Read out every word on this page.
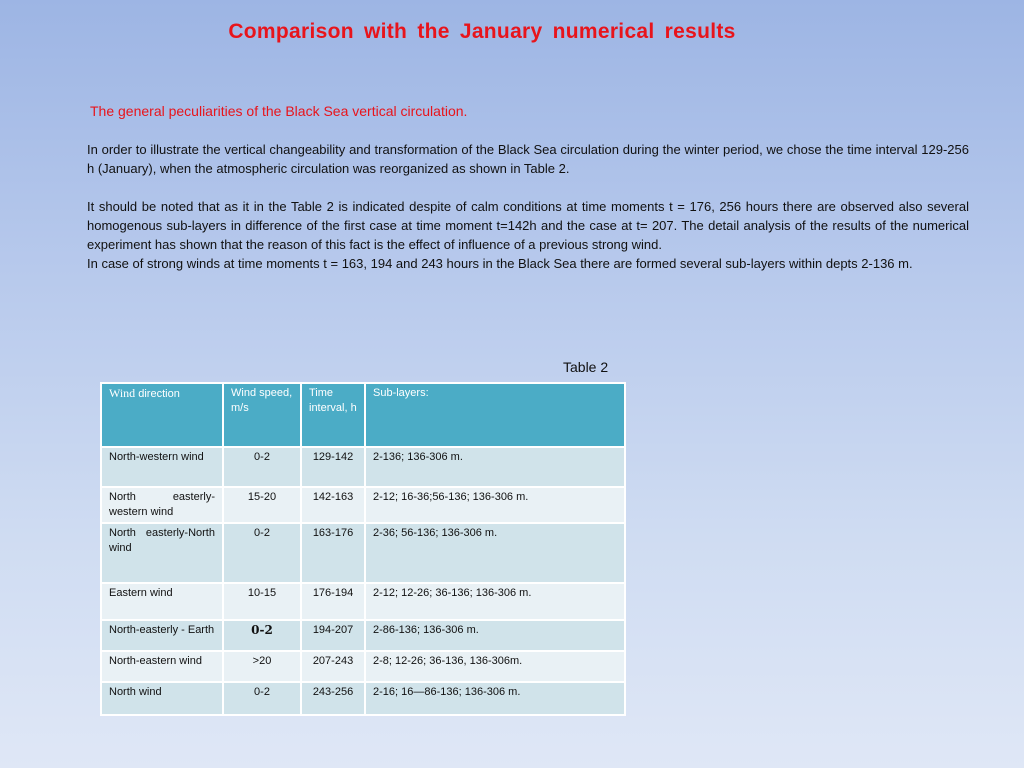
Comparison with the January numerical results
The general peculiarities of the Black Sea vertical circulation.

In order to illustrate the vertical changeability and transformation of the Black Sea circulation during the winter period, we chose the time interval 129-256 h (January), when the atmospheric circulation was reorganized as shown in Table 2.

It should be noted that as it in the Table 2 is indicated despite of calm conditions at time moments t = 176, 256 hours there are observed also several homogenous sub-layers in difference of the first case at time moment t=142h and the case at t= 207. The detail analysis of the results of the numerical experiment has shown that the reason of this fact is the effect of influence of a previous strong wind.

In case of strong winds at time moments t = 163, 194 and 243 hours in the Black Sea there are formed several sub-layers within depts 2-136 m.

Table 2
Wind direction	Wind speed, m/s	Time interval, h	Sub-layers:
North-western wind	0-2	129-142	2-136; 136-306 m.
North easterly-western wind	15-20	142-163	2-12; 16-36;56-136; 136-306 m.
North easterly-North wind	0-2	163-176	2-36; 56-136; 136-306 m.
Eastern wind	10-15	176-194	2-12; 12-26; 36-136; 136-306 m.
North-easterly - Earth	0-2	194-207	2-86-136; 136-306 m.
North-eastern wind	>20	207-243	2-8; 12-26; 36-136, 136-306m.
North wind	0-2	243-256	2-16; 16—86-136; 136-306 m.
